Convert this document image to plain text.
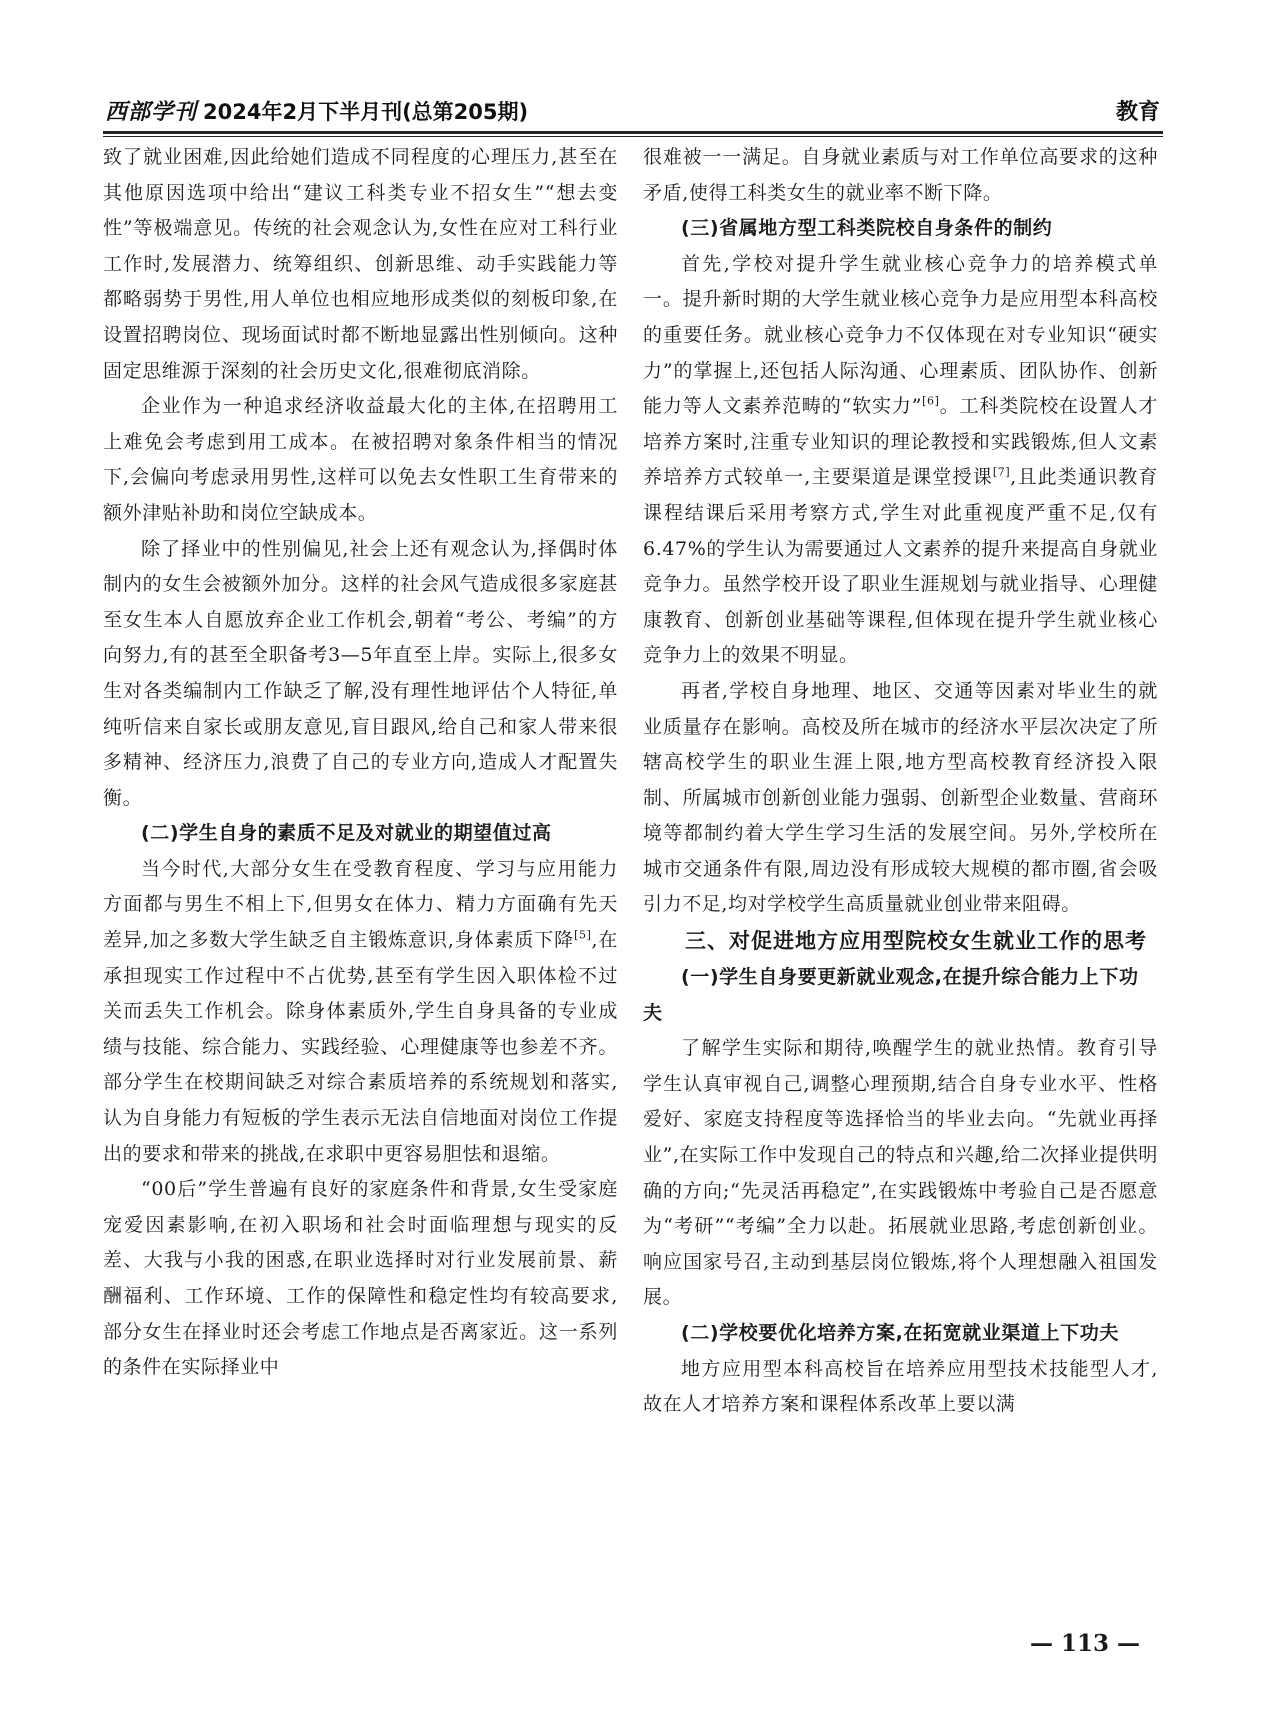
西部学刊 2024年2月下半月刊(总第205期)	教育

致了就业困难,因此给她们造成不同程度的心理压力,甚至在其他原因选项中给出“建议工科类专业不招女生”“想去变性”等极端意见。传统的社会观念认为,女性在应对工科行业工作时,发展潜力、统筹组织、创新思维、动手实践能力等都略弱势于男性,用人单位也相应地形成类似的刻板印象,在设置招聘岗位、现场面试时都不断地显露出性别倾向。这种固定思维源于深刻的社会历史文化,很难彻底消除。

企业作为一种追求经济收益最大化的主体,在招聘用工上难免会考虑到用工成本。在被招聘对象条件相当的情况下,会偏向考虑录用男性,这样可以免去女性职工生育带来的额外津贴补助和岗位空缺成本。

除了择业中的性别偏见,社会上还有观念认为,择偶时体制内的女生会被额外加分。这样的社会风气造成很多家庭甚至女生本人自愿放弃企业工作机会,朝着“考公、考编”的方向努力,有的甚至全职备考3—5年直至上岸。实际上,很多女生对各类编制内工作缺乏了解,没有理性地评估个人特征,单纯听信来自家长或朋友意见,盲目跟风,给自己和家人带来很多精神、经济压力,浪费了自己的专业方向,造成人才配置失衡。

(二)学生自身的素质不足及对就业的期望值过高

当今时代,大部分女生在受教育程度、学习与应用能力方面都与男生不相上下,但男女在体力、精力方面确有先天差异,加之多数大学生缺乏自主锻炼意识,身体素质下降[5],在承担现实工作过程中不占优势,甚至有学生因入职体检不过关而丢失工作机会。除身体素质外,学生自身具备的专业成绩与技能、综合能力、实践经验、心理健康等也参差不齐。部分学生在校期间缺乏对综合素质培养的系统规划和落实,认为自身能力有短板的学生表示无法自信地面对岗位工作提出的要求和带来的挑战,在求职中更容易胆怯和退缩。

“00后”学生普遍有良好的家庭条件和背景,女生受家庭宠爱因素影响,在初入职场和社会时面临理想与现实的反差、大我与小我的困惑,在职业选择时对行业发展前景、薪酬福利、工作环境、工作的保障性和稳定性均有较高要求,部分女生在择业时还会考虑工作地点是否离家近。这一系列的条件在实际择业中

很难被一一满足。自身就业素质与对工作单位高要求的这种矛盾,使得工科类女生的就业率不断下降。

(三)省属地方型工科类院校自身条件的制约

首先,学校对提升学生就业核心竞争力的培养模式单一。提升新时期的大学生就业核心竞争力是应用型本科高校的重要任务。就业核心竞争力不仅体现在对专业知识“硬实力”的掌握上,还包括人际沟通、心理素质、团队协作、创新能力等人文素养范畴的“软实力”[6]。工科类院校在设置人才培养方案时,注重专业知识的理论教授和实践锻炼,但人文素养培养方式较单一,主要渠道是课堂授课[7],且此类通识教育课程结课后采用考察方式,学生对此重视度严重不足,仅有6.47%的学生认为需要通过人文素养的提升来提高自身就业竞争力。虽然学校开设了职业生涯规划与就业指导、心理健康教育、创新创业基础等课程,但体现在提升学生就业核心竞争力上的效果不明显。

再者,学校自身地理、地区、交通等因素对毕业生的就业质量存在影响。高校及所在城市的经济水平层次决定了所辖高校学生的职业生涯上限,地方型高校教育经济投入限制、所属城市创新创业能力强弱、创新型企业数量、营商环境等都制约着大学生学习生活的发展空间。另外,学校所在城市交通条件有限,周边没有形成较大规模的都市圈,省会吸引力不足,均对学校学生高质量就业创业带来阻碍。

三、对促进地方应用型院校女生就业工作的思考
(一)学生自身要更新就业观念,在提升综合能力上下功夫

了解学生实际和期待,唤醒学生的就业热情。教育引导学生认真审视自己,调整心理预期,结合自身专业水平、性格爱好、家庭支持程度等选择恰当的毕业去向。“先就业再择业”,在实际工作中发现自己的特点和兴趣,给二次择业提供明确的方向;“先灵活再稳定”,在实践锻炼中考验自己是否愿意为“考研”“考编”全力以赴。拓展就业思路,考虑创新创业。响应国家号召,主动到基层岗位锻炼,将个人理想融入祖国发展。

(二)学校要优化培养方案,在拓宽就业渠道上下功夫

地方应用型本科高校旨在培养应用型技术技能型人才,故在人才培养方案和课程体系改革上要以满

— 113 —
